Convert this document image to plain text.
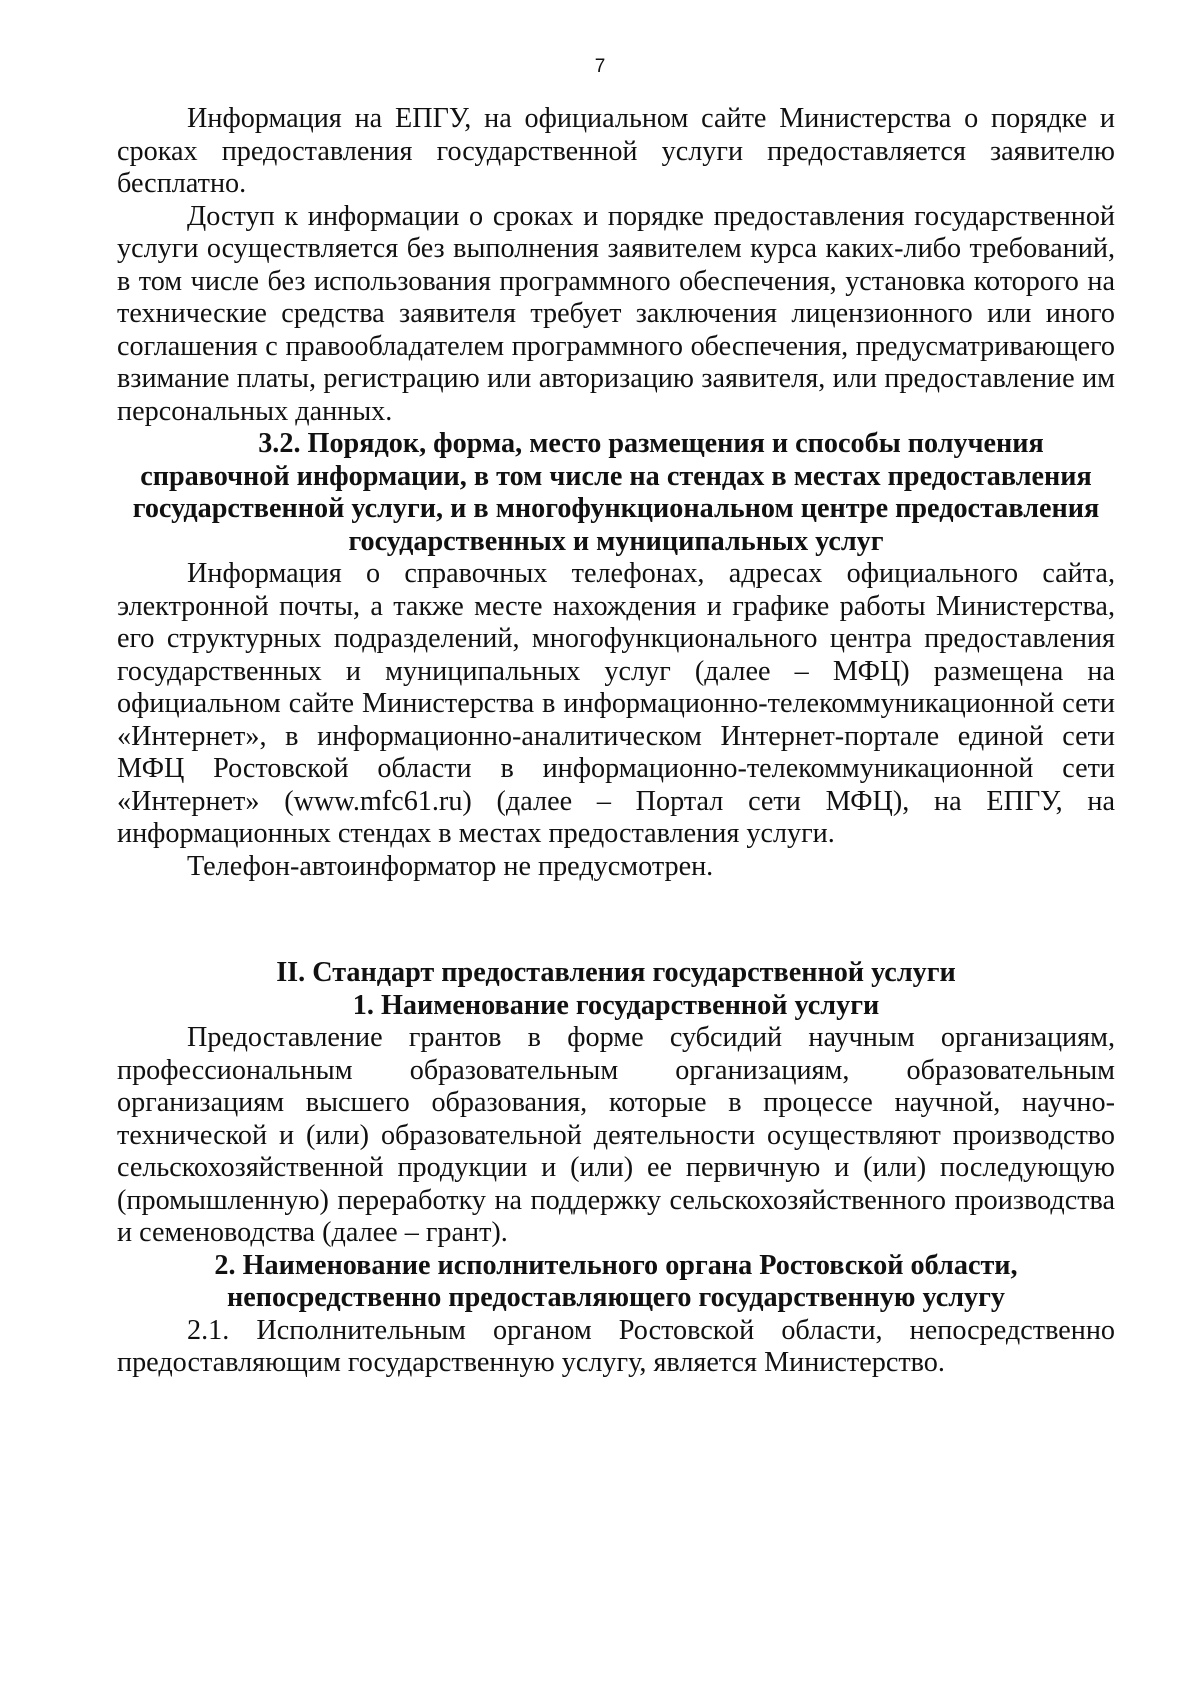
7

Информация на ЕПГУ, на официальном сайте Министерства о порядке и сроках предоставления государственной услуги предоставляется заявителю бесплатно.

Доступ к информации о сроках и порядке предоставления государственной услуги осуществляется без выполнения заявителем курса каких-либо требований, в том числе без использования программного обеспечения, установка которого на технические средства заявителя требует заключения лицензионного или иного соглашения с правообладателем программного обеспечения, предусматривающего взимание платы, регистрацию или авторизацию заявителя, или предоставление им персональных данных.

3.2. Порядок, форма, место размещения и способы получения
справочной информации, в том числе на стендах в местах предоставления
государственной услуги, и в многофункциональном центре предоставления
государственных и муниципальных услуг

Информация о справочных телефонах, адресах официального сайта, электронной почты, а также месте нахождения и графике работы Министерства, его структурных подразделений, многофункционального центра предоставления государственных и муниципальных услуг (далее – МФЦ) размещена на официальном сайте Министерства в информационно-телекоммуникационной сети «Интернет», в информационно-аналитическом Интернет-портале единой сети МФЦ Ростовской области в информационно-телекоммуникационной сети «Интернет» (www.mfc61.ru) (далее – Портал сети МФЦ), на ЕПГУ, на информационных стендах в местах предоставления услуги.

Телефон-автоинформатор не предусмотрен.

II. Стандарт предоставления государственной услуги
1. Наименование государственной услуги

Предоставление грантов в форме субсидий научным организациям, профессиональным образовательным организациям, образовательным организациям высшего образования, которые в процессе научной, научно-технической и (или) образовательной деятельности осуществляют производство сельскохозяйственной продукции и (или) ее первичную и (или) последующую (промышленную) переработку на поддержку сельскохозяйственного производства и семеноводства (далее – грант).

2. Наименование исполнительного органа Ростовской области,
непосредственно предоставляющего государственную услугу

2.1. Исполнительным органом Ростовской области, непосредственно предоставляющим государственную услугу, является Министерство.
